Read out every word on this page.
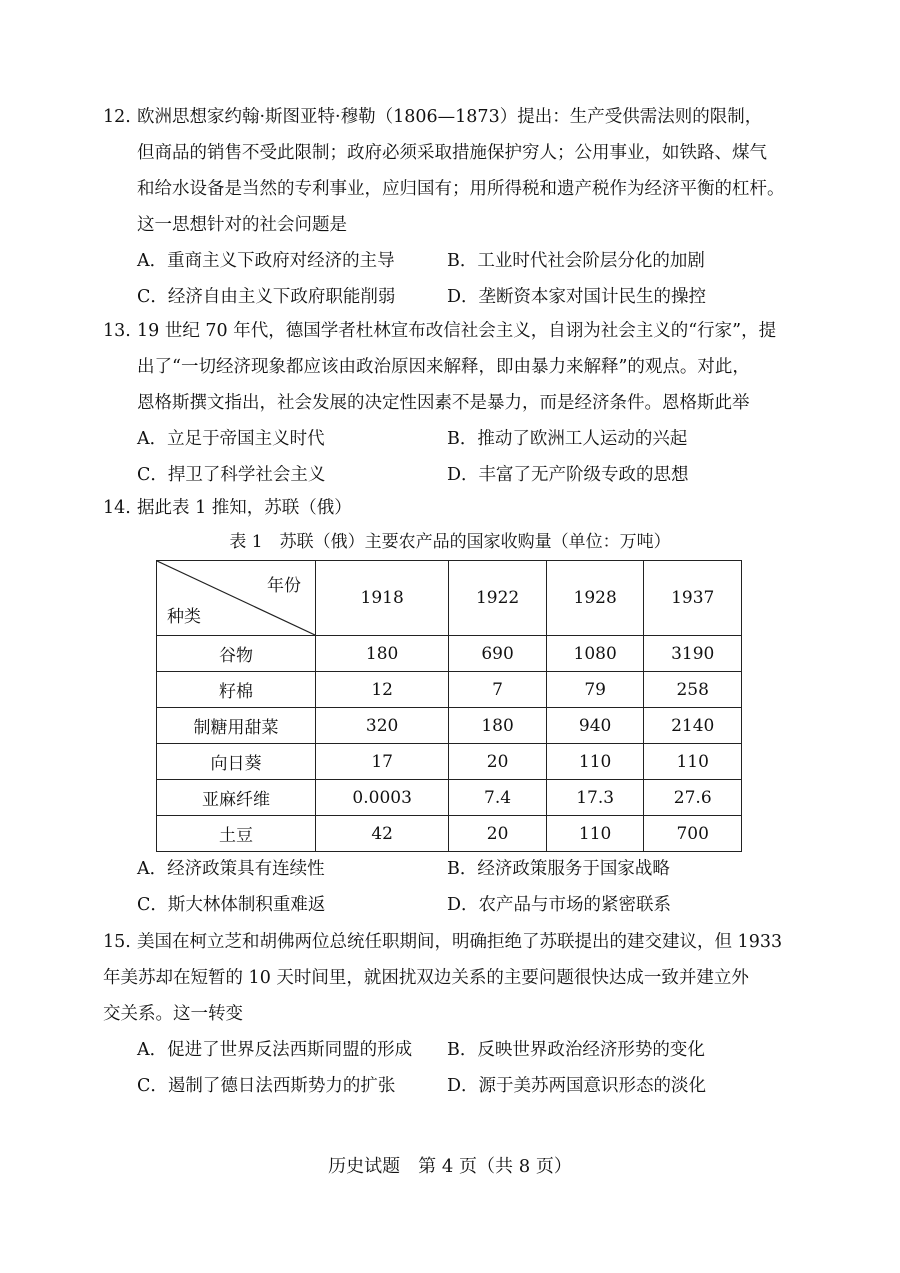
12. 欧洲思想家约翰·斯图亚特·穆勒（1806—1873）提出：生产受供需法则的限制，
但商品的销售不受此限制；政府必须采取措施保护穷人；公用事业，如铁路、煤气
和给水设备是当然的专利事业，应归国有；用所得税和遗产税作为经济平衡的杠杆。
这一思想针对的社会问题是
A．重商主义下政府对经济的主导	B．工业时代社会阶层分化的加剧
C．经济自由主义下政府职能削弱	D．垄断资本家对国计民生的操控
13. 19 世纪 70 年代，德国学者杜林宣布改信社会主义，自诩为社会主义的“行家”，提
出了“一切经济现象都应该由政治原因来解释，即由暴力来解释”的观点。对此，
恩格斯撰文指出，社会发展的决定性因素不是暴力，而是经济条件。恩格斯此举
A．立足于帝国主义时代	B．推动了欧洲工人运动的兴起
C．捍卫了科学社会主义	D．丰富了无产阶级专政的思想
14. 据此表 1 推知，苏联（俄）
表 1　苏联（俄）主要农产品的国家收购量（单位：万吨）
年份
种类	1918	1922	1928	1937
谷物	180	690	1080	3190
籽棉	12	7	79	258
制糖用甜菜	320	180	940	2140
向日葵	17	20	110	110
亚麻纤维	0.0003	7.4	17.3	27.6
土豆	42	20	110	700
A．经济政策具有连续性	B．经济政策服务于国家战略
C．斯大林体制积重难返	D．农产品与市场的紧密联系
15. 美国在柯立芝和胡佛两位总统任职期间，明确拒绝了苏联提出的建交建议，但 1933
年美苏却在短暂的 10 天时间里，就困扰双边关系的主要问题很快达成一致并建立外
交关系。这一转变
A．促进了世界反法西斯同盟的形成 B．反映世界政治经济形势的变化
C．遏制了德日法西斯势力的扩张	D．源于美苏两国意识形态的淡化
历史试题　第 4 页（共 8 页）
